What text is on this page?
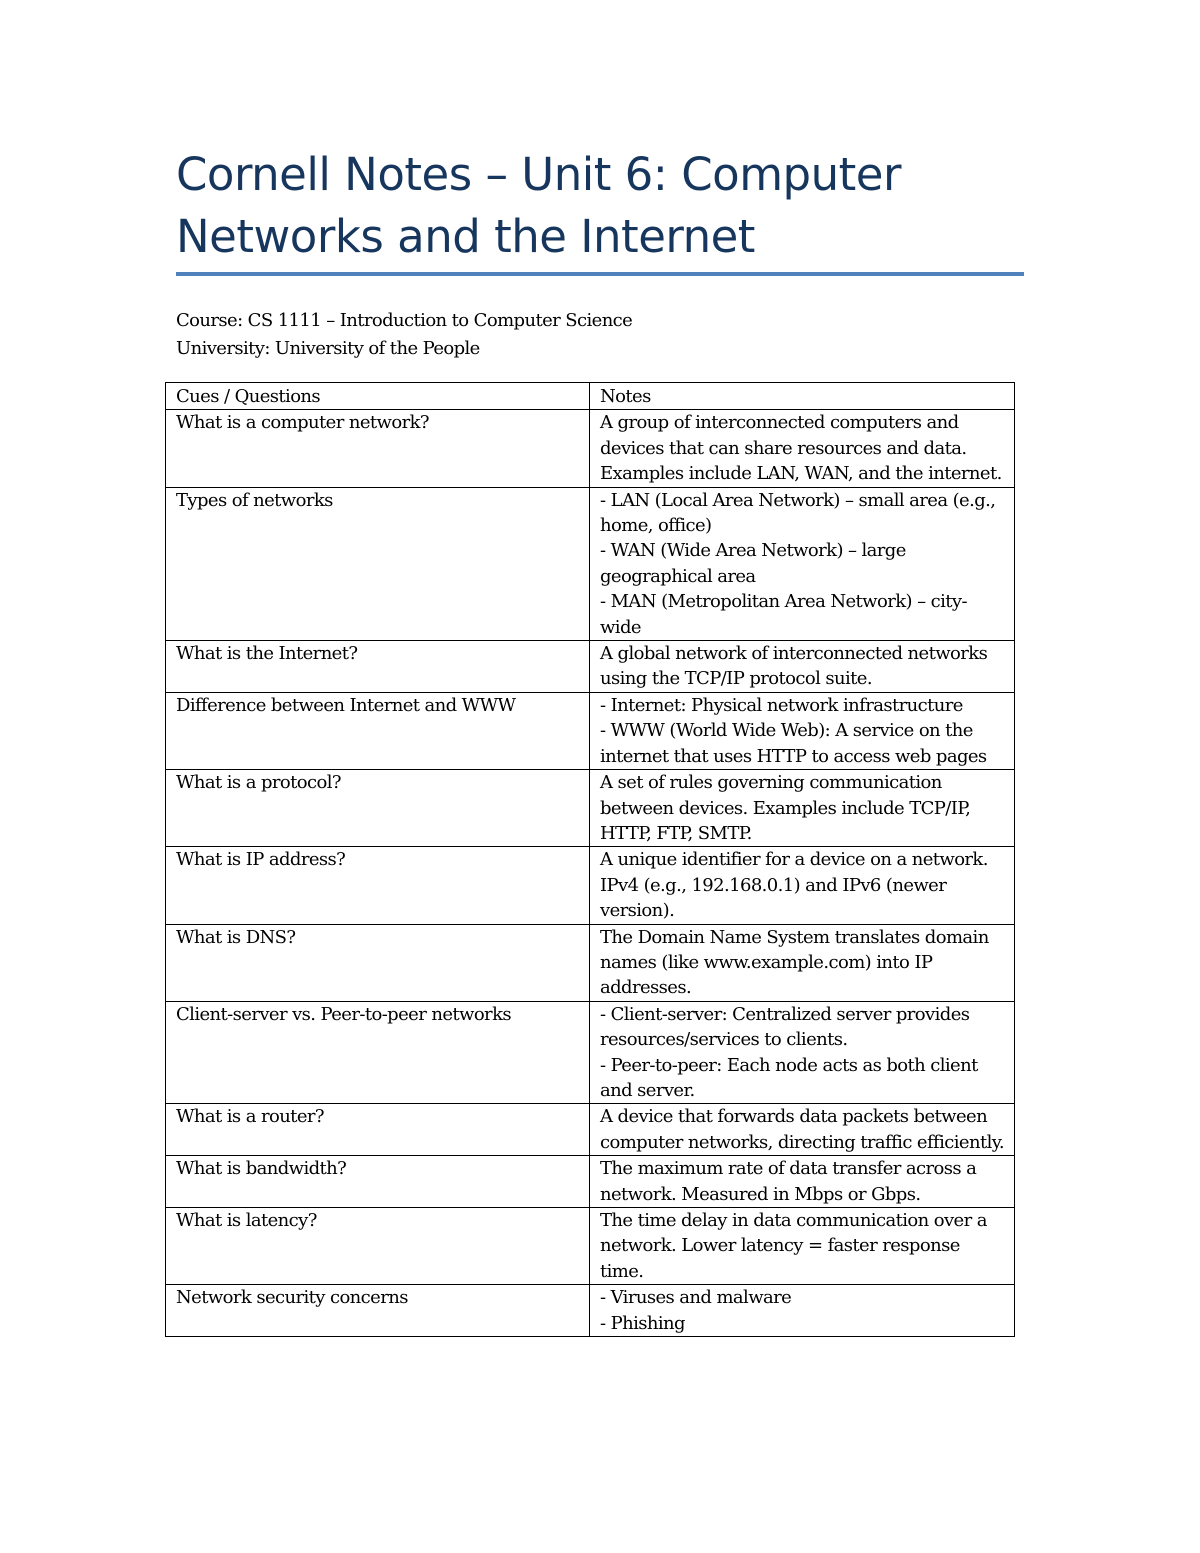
Cornell Notes – Unit 6: Computer Networks and the Internet
Course: CS 1111 – Introduction to Computer Science
University: University of the People
Cues / Questions	Notes
What is a computer network?	A group of interconnected computers and devices that can share resources and data. Examples include LAN, WAN, and the internet.

Types of networks	- LAN (Local Area Network) – small area (e.g., home, office)
- WAN (Wide Area Network) – large geographical area
- MAN (Metropolitan Area Network) – city-wide

What is the Internet?	A global network of interconnected networks using the TCP/IP protocol suite.

Difference between Internet and WWW	- Internet: Physical network infrastructure
- WWW (World Wide Web): A service on the internet that uses HTTP to access web pages

What is a protocol?	A set of rules governing communication between devices. Examples include TCP/IP, HTTP, FTP, SMTP.

What is IP address?	A unique identifier for a device on a network. IPv4 (e.g., 192.168.0.1) and IPv6 (newer version).

What is DNS?	The Domain Name System translates domain names (like www.example.com) into IP addresses.

Client-server vs. Peer-to-peer networks	- Client-server: Centralized server provides resources/services to clients.
- Peer-to-peer: Each node acts as both client and server.

What is a router?	A device that forwards data packets between computer networks, directing traffic efficiently.

What is bandwidth?	The maximum rate of data transfer across a network. Measured in Mbps or Gbps.

What is latency?	The time delay in data communication over a network. Lower latency = faster response time.

Network security concerns	- Viruses and malware
- Phishing
